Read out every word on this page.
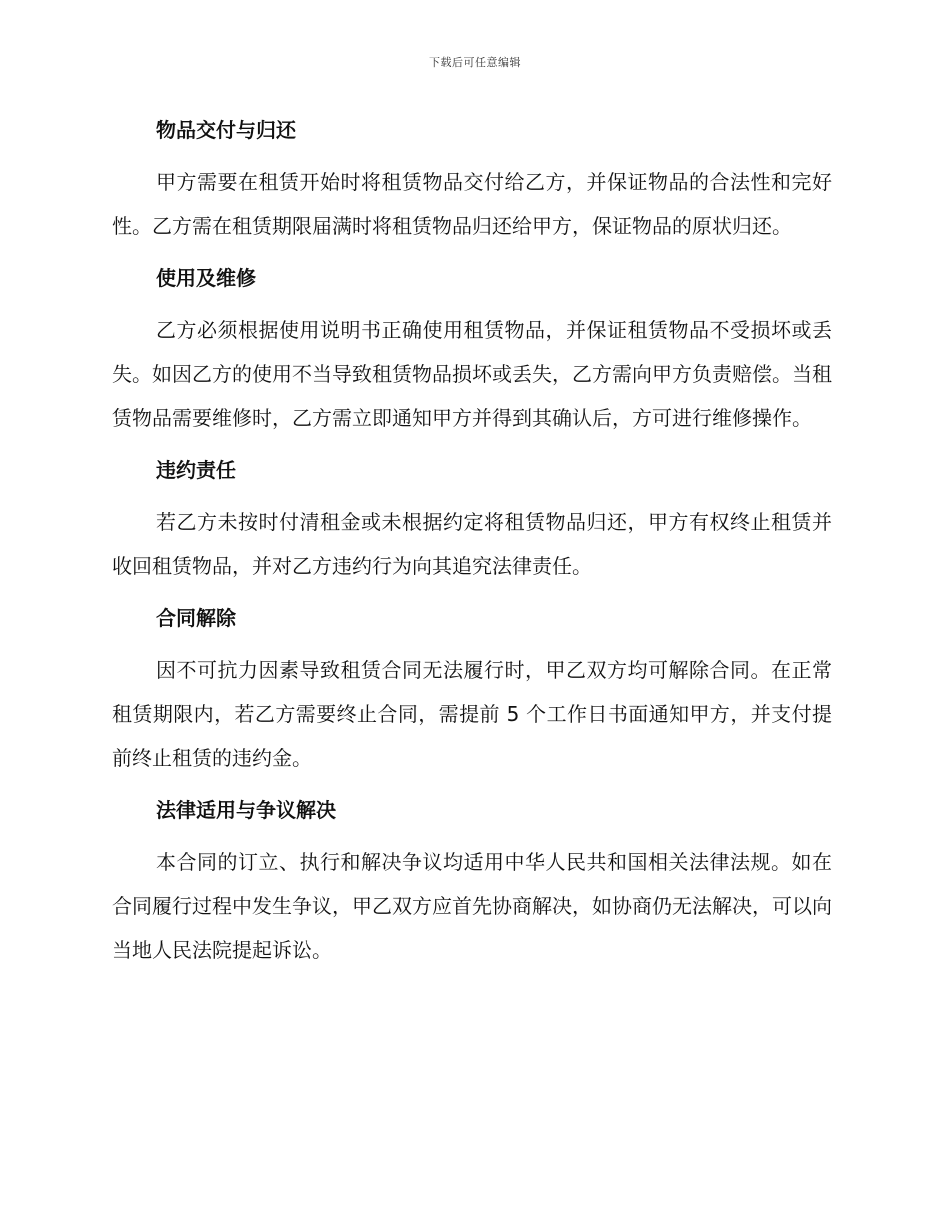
下载后可任意编辑
物品交付与归还

甲方需要在租赁开始时将租赁物品交付给乙方，并保证物品的合法性和完好性。乙方需在租赁期限届满时将租赁物品归还给甲方，保证物品的原状归还。

使用及维修

乙方必须根据使用说明书正确使用租赁物品，并保证租赁物品不受损坏或丢失。如因乙方的使用不当导致租赁物品损坏或丢失，乙方需向甲方负责赔偿。当租赁物品需要维修时，乙方需立即通知甲方并得到其确认后，方可进行维修操作。

违约责任

若乙方未按时付清租金或未根据约定将租赁物品归还，甲方有权终止租赁并收回租赁物品，并对乙方违约行为向其追究法律责任。

合同解除

因不可抗力因素导致租赁合同无法履行时，甲乙双方均可解除合同。在正常租赁期限内，若乙方需要终止合同，需提前 5 个工作日书面通知甲方，并支付提前终止租赁的违约金。

法律适用与争议解决

本合同的订立、执行和解决争议均适用中华人民共和国相关法律法规。如在合同履行过程中发生争议，甲乙双方应首先协商解决，如协商仍无法解决，可以向当地人民法院提起诉讼。
